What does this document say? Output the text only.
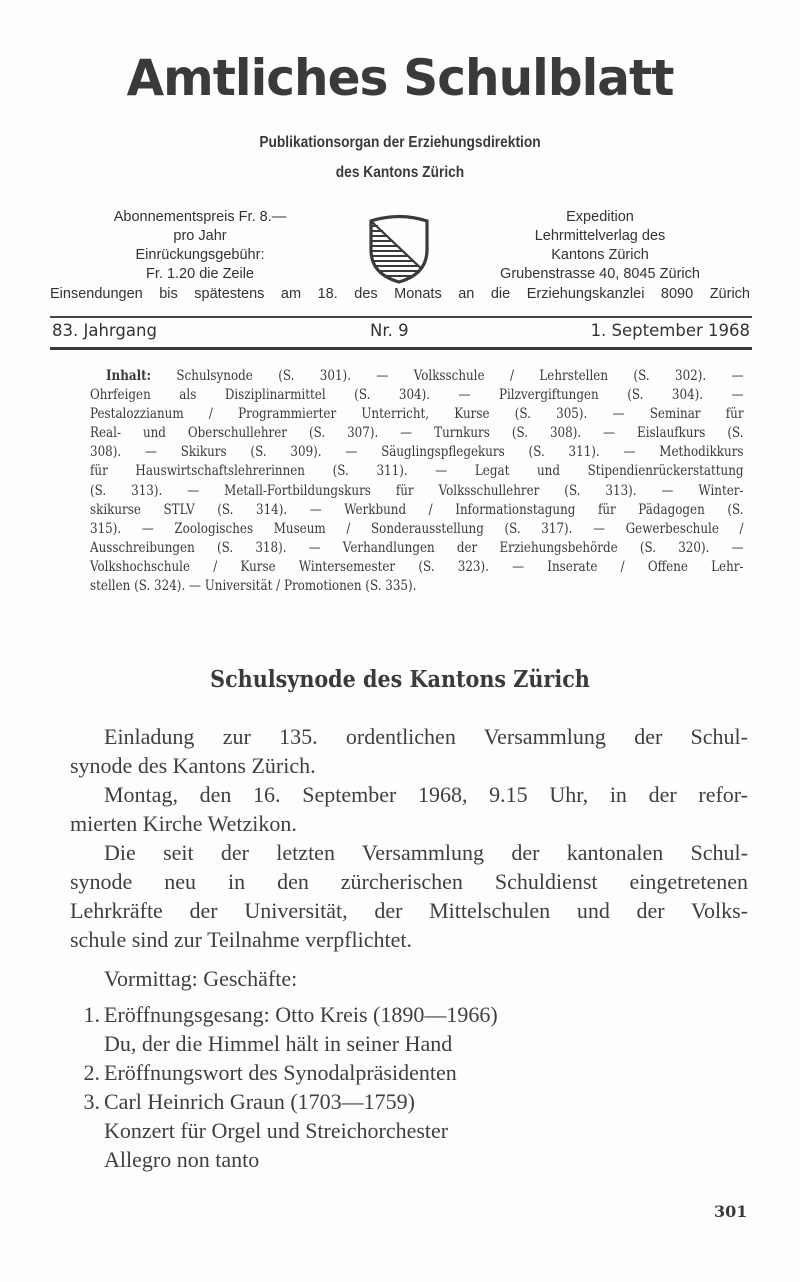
Amtliches Schulblatt
Publikationsorgan der Erziehungsdirektion
des Kantons Zürich
Abonnementspreis Fr. 8.—
pro Jahr
Einrückungsgebühr:
Fr. 1.20 die Zeile
Expedition
Lehrmittelverlag des
Kantons Zürich
Grubenstrasse 40, 8045 Zürich
Einsendungen bis spätestens am 18. des Monats an die Erziehungskanzlei 8090 Zürich
83. Jahrgang	Nr. 9	1. September 1968
Inhalt: Schulsynode (S. 301). — Volksschule / Lehrstellen (S. 302). —
Ohrfeigen als Disziplinarmittel (S. 304). — Pilzvergiftungen (S. 304). —
Pestalozzianum / Programmierter Unterricht, Kurse (S. 305). — Seminar für
Real- und Oberschullehrer (S. 307). — Turnkurs (S. 308). — Eislaufkurs (S.
308). — Skikurs (S. 309). — Säuglingspflegekurs (S. 311). — Methodikkurs
für Hauswirtschaftslehrerinnen (S. 311). — Legat und Stipendienrückerstattung
(S. 313). — Metall-Fortbildungskurs für Volksschullehrer (S. 313). — Winter-
skikurse STLV (S. 314). — Werkbund / Informationstagung für Pädagogen (S.
315). — Zoologisches Museum / Sonderausstellung (S. 317). — Gewerbeschule /
Ausschreibungen (S. 318). — Verhandlungen der Erziehungsbehörde (S. 320). —
Volkshochschule / Kurse Wintersemester (S. 323). — Inserate / Offene Lehr-
stellen (S. 324). — Universität / Promotionen (S. 335).
Schulsynode des Kantons Zürich
Einladung zur 135. ordentlichen Versammlung der Schul-
synode des Kantons Zürich.
Montag, den 16. September 1968, 9.15 Uhr, in der refor-
mierten Kirche Wetzikon.
Die seit der letzten Versammlung der kantonalen Schul-
synode neu in den zürcherischen Schuldienst eingetretenen
Lehrkräfte der Universität, der Mittelschulen und der Volks-
schule sind zur Teilnahme verpflichtet.
Vormittag: Geschäfte:
1. Eröffnungsgesang: Otto Kreis (1890—1966)
Du, der die Himmel hält in seiner Hand
2. Eröffnungswort des Synodalpräsidenten
3. Carl Heinrich Graun (1703—1759)
Konzert für Orgel und Streichorchester
Allegro non tanto
301
